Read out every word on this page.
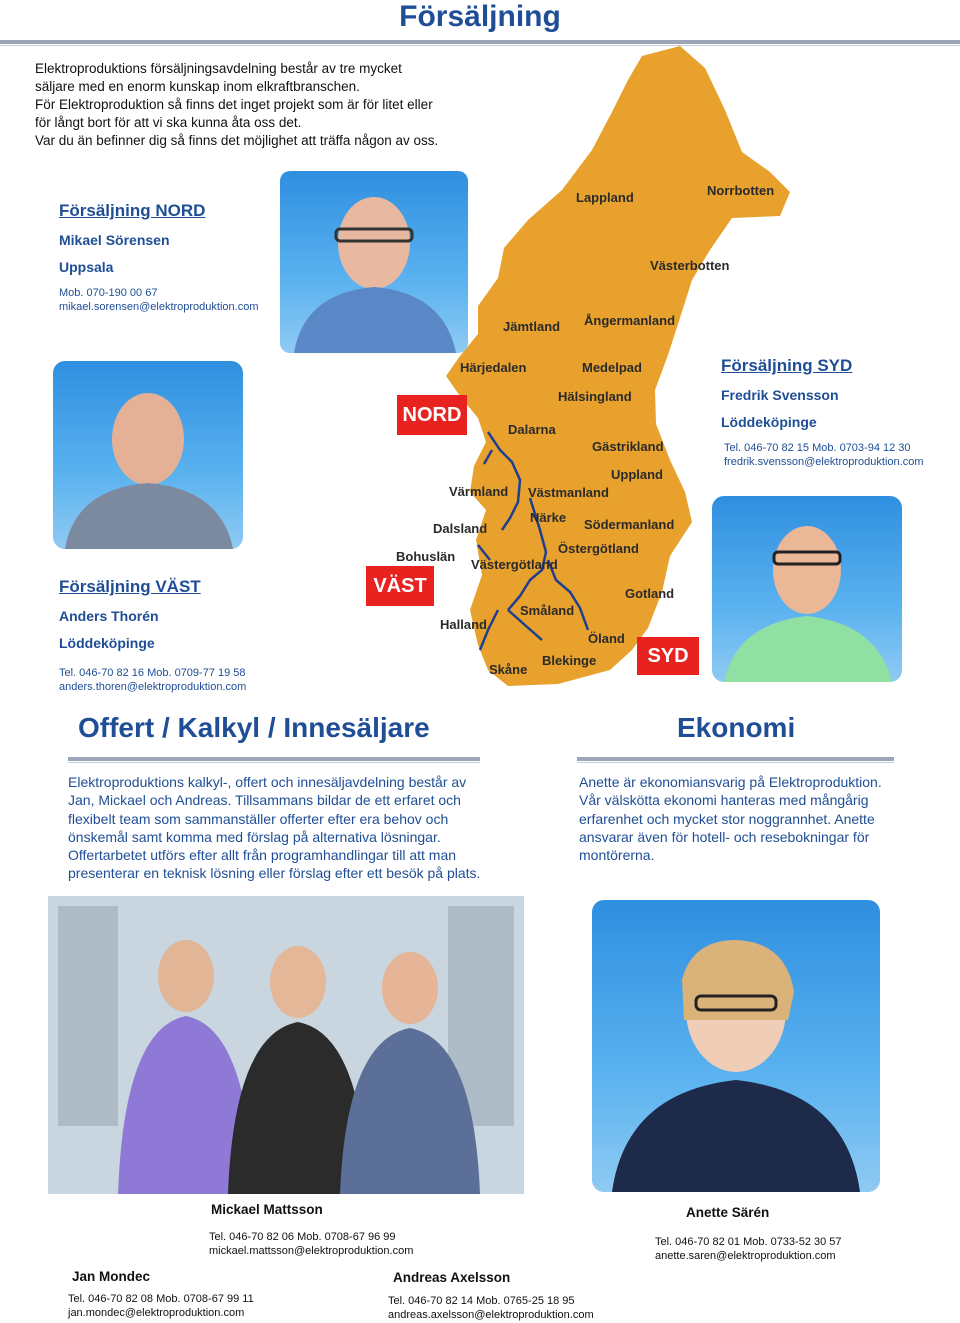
Försäljning
Elektroproduktions försäljningsavdelning består av tre mycket
säljare med en enorm kunskap inom elkraftbranschen.
För Elektroproduktion så finns det inget projekt som är för litet eller
för långt bort för att vi ska kunna åta oss det.
Var du än befinner dig så finns det möjlighet att träffa någon av oss.
Lappland	Norrbotten
Västerbotten
Jämtland Ångermanland
Härjedalen	Medelpad
Hälsingland
Dalarna
Gästrikland
Uppland
Värmland Västmanland
Dalsland
Närke Södermanland
Bohuslän
Östergötland
Västergötland
Gotland
Småland
Halland
Öland
Skåne
Blekinge
NORD
VÄST
SYD
Försäljning NORD
Mikael Sörensen
Uppsala
Mob. 070-190 00 67
mikael.sorensen@elektroproduktion.com
Försäljning VÄST
Anders Thorén
Löddeköpinge
Tel. 046-70 82 16 Mob. 0709-77 19 58
anders.thoren@elektroproduktion.com
Försäljning SYD
Fredrik Svensson
Löddeköpinge
Tel. 046-70 82 15 Mob. 0703-94 12 30
fredrik.svensson@elektroproduktion.com
Offert / Kalkyl / Innesäljare
Elektroproduktions kalkyl-, offert och innesäljavdelning består av
Jan, Mickael och Andreas. Tillsammans bildar de ett erfaret och
flexibelt team som sammanställer offerter efter era behov och
önskemål samt komma med förslag på alternativa lösningar.
Offertarbetet utförs efter allt från programhandlingar till att man
presenterar en teknisk lösning eller förslag efter ett besök på plats.
Ekonomi
Anette är ekonomiansvarig på Elektroproduktion.
Vår välskötta ekonomi hanteras med mångårig
erfarenhet och mycket stor noggrannhet. Anette
ansvarar även för hotell- och resebokningar för
montörerna.
Mickael Mattsson
Tel. 046-70 82 06 Mob. 0708-67 96 99
mickael.mattsson@elektroproduktion.com
Jan Mondec
Tel. 046-70 82 08 Mob. 0708-67 99 11
jan.mondec@elektroproduktion.com
Andreas Axelsson
Tel. 046-70 82 14 Mob. 0765-25 18 95
andreas.axelsson@elektroproduktion.com
Anette Särén
Tel. 046-70 82 01 Mob. 0733-52 30 57
anette.saren@elektroproduktion.com
